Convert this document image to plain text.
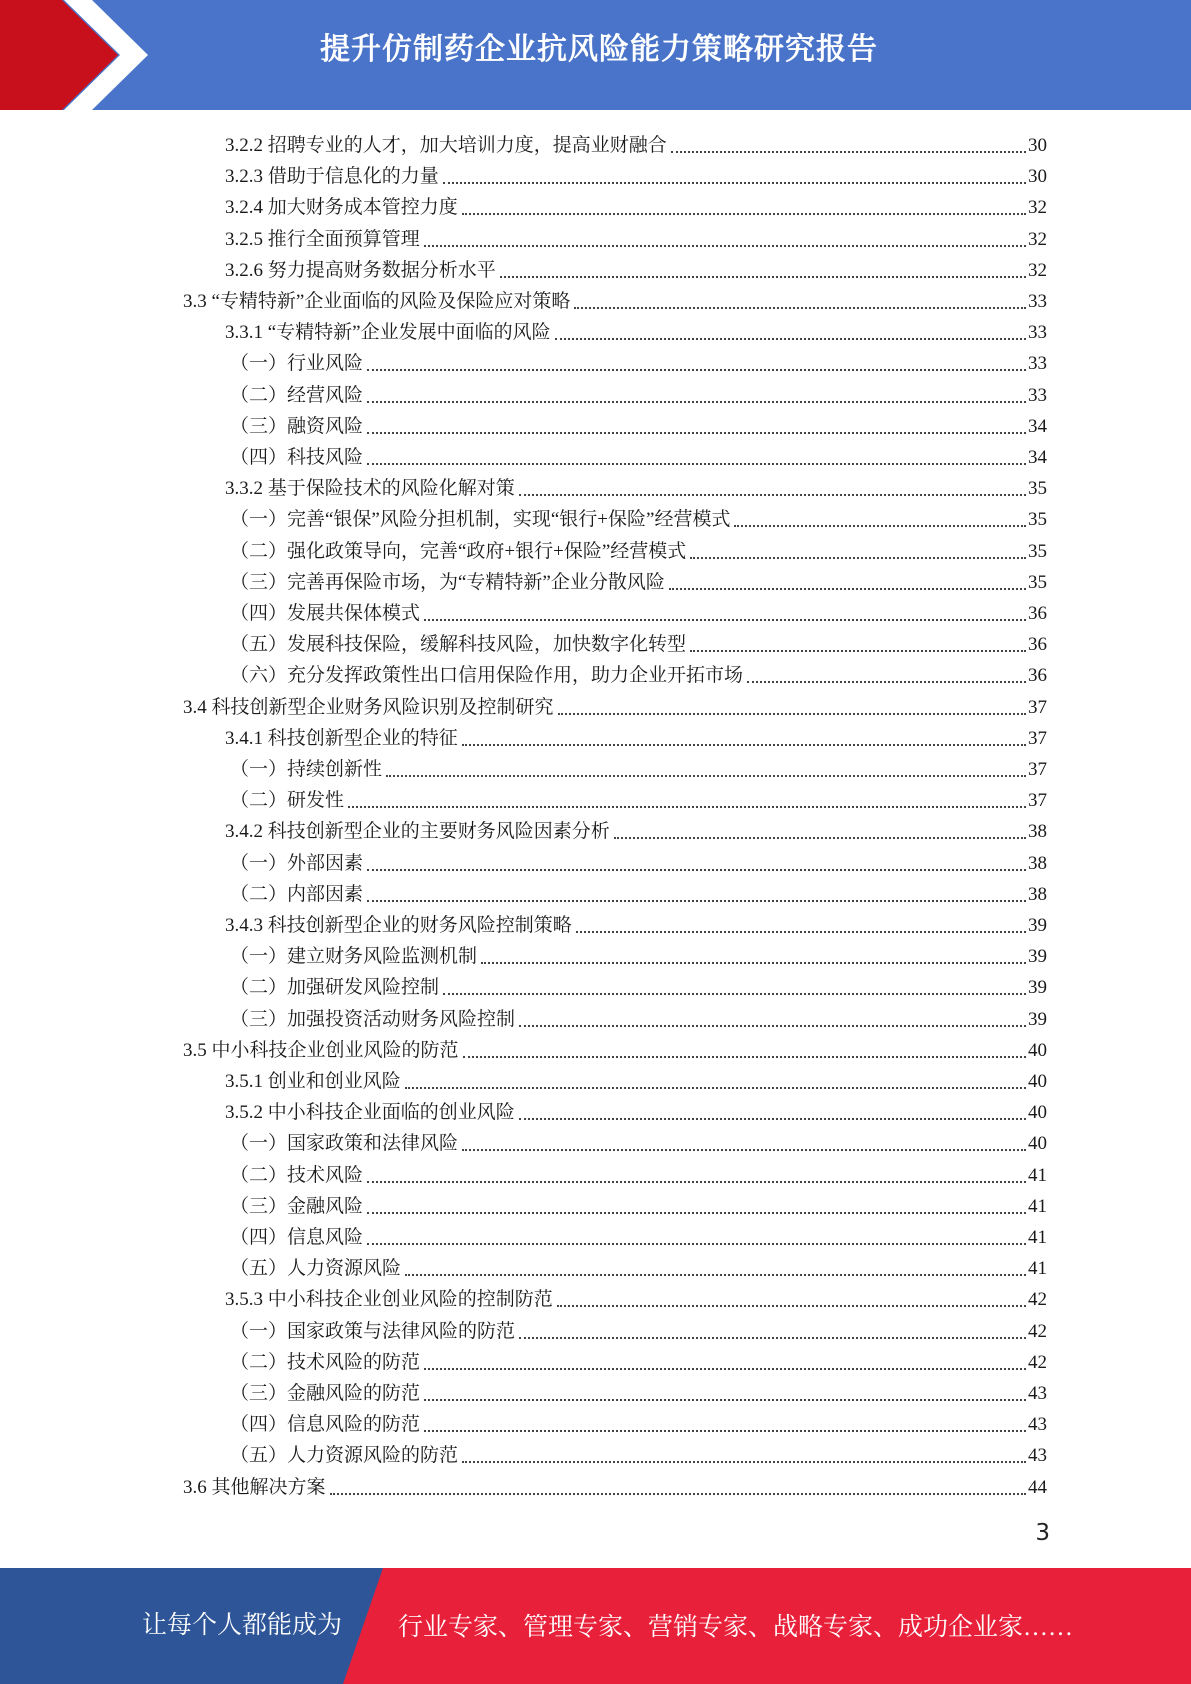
提升仿制药企业抗风险能力策略研究报告
3.2.2 招聘专业的人才，加大培训力度，提高业财融合	30
3.2.3 借助于信息化的力量	30
3.2.4 加大财务成本管控力度	32
3.2.5 推行全面预算管理	32
3.2.6 努力提高财务数据分析水平	32
3.3 “专精特新”企业面临的风险及保险应对策略	33
3.3.1 “专精特新”企业发展中面临的风险	33
（一）行业风险	33
（二）经营风险	33
（三）融资风险	34
（四）科技风险	34
3.3.2 基于保险技术的风险化解对策	35
（一）完善“银保”风险分担机制，实现“银行+保险”经营模式	35
（二）强化政策导向，完善“政府+银行+保险”经营模式	35
（三）完善再保险市场，为“专精特新”企业分散风险	35
（四）发展共保体模式	36
（五）发展科技保险，缓解科技风险，加快数字化转型	36
（六）充分发挥政策性出口信用保险作用，助力企业开拓市场	36
3.4 科技创新型企业财务风险识别及控制研究	37
3.4.1 科技创新型企业的特征	37
（一）持续创新性	37
（二）研发性	37
3.4.2 科技创新型企业的主要财务风险因素分析	38
（一）外部因素	38
（二）内部因素	38
3.4.3 科技创新型企业的财务风险控制策略	39
（一）建立财务风险监测机制	39
（二）加强研发风险控制	39
（三）加强投资活动财务风险控制	39
3.5 中小科技企业创业风险的防范	40
3.5.1 创业和创业风险	40
3.5.2 中小科技企业面临的创业风险	40
（一）国家政策和法律风险	40
（二）技术风险	41
（三）金融风险	41
（四）信息风险	41
（五）人力资源风险	41
3.5.3 中小科技企业创业风险的控制防范	42
（一）国家政策与法律风险的防范	42
（二）技术风险的防范	42
（三）金融风险的防范	43
（四）信息风险的防范	43
（五）人力资源风险的防范	43
3.6 其他解决方案	44
3
让每个人都能成为 行业专家、管理专家、营销专家、战略专家、成功企业家……
